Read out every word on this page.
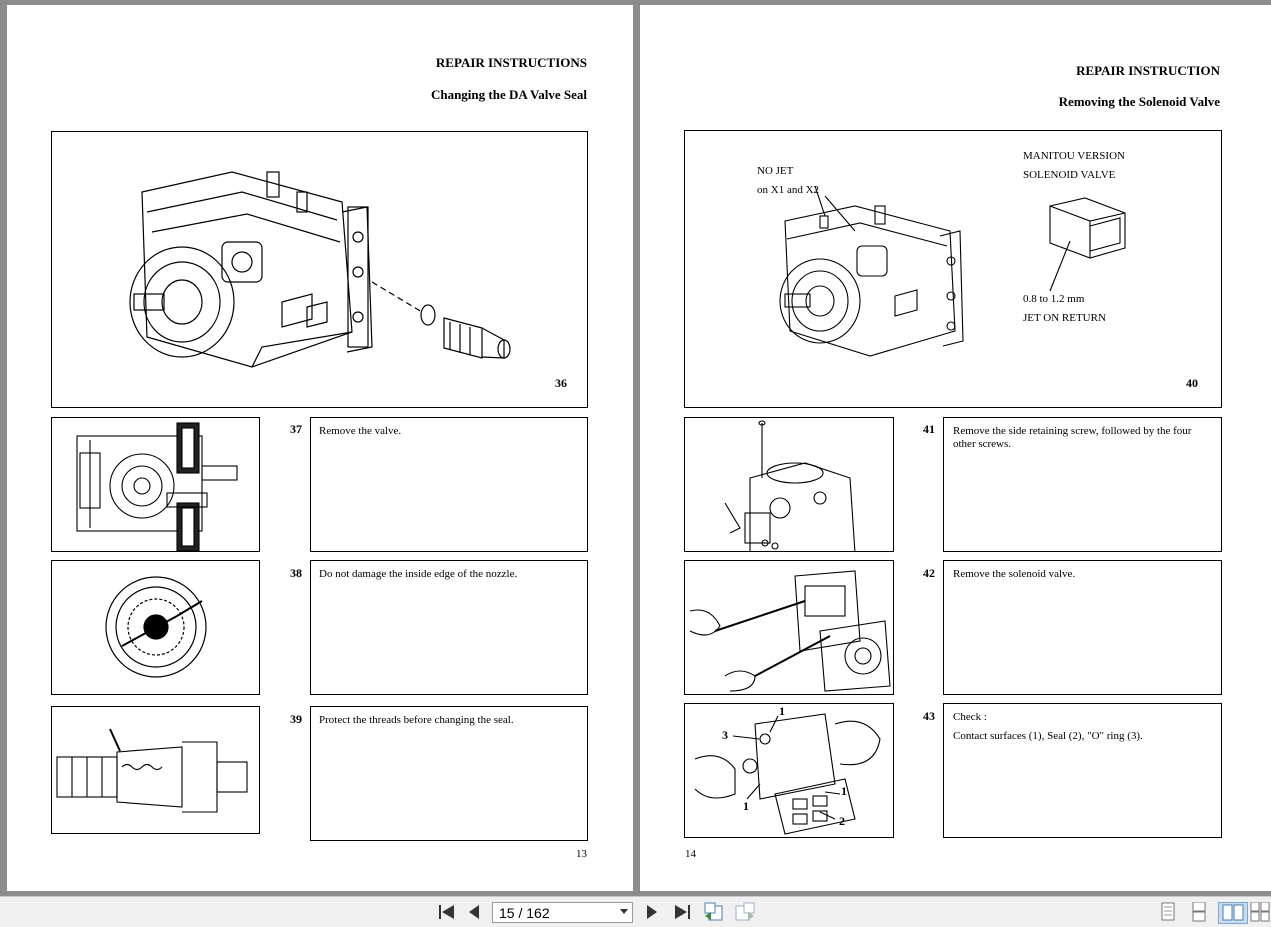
REPAIR INSTRUCTIONS
Changing the DA Valve Seal
36
37 Remove the valve.
38 Do not damage the inside edge of the nozzle.
39 Protect the threads before changing the seal.
13
REPAIR INSTRUCTION
Removing the Solenoid Valve
NO JET
on X1 and X2
MANITOU VERSION
SOLENOID VALVE
0.8 to 1.2 mm
JET ON RETURN
40
41 Remove the side retaining screw, followed by the four other screws.
42 Remove the solenoid valve.
3
1
1
1
2
43 Check :
Contact surfaces (1), Seal (2), "O" ring (3).
14
15 / 162
